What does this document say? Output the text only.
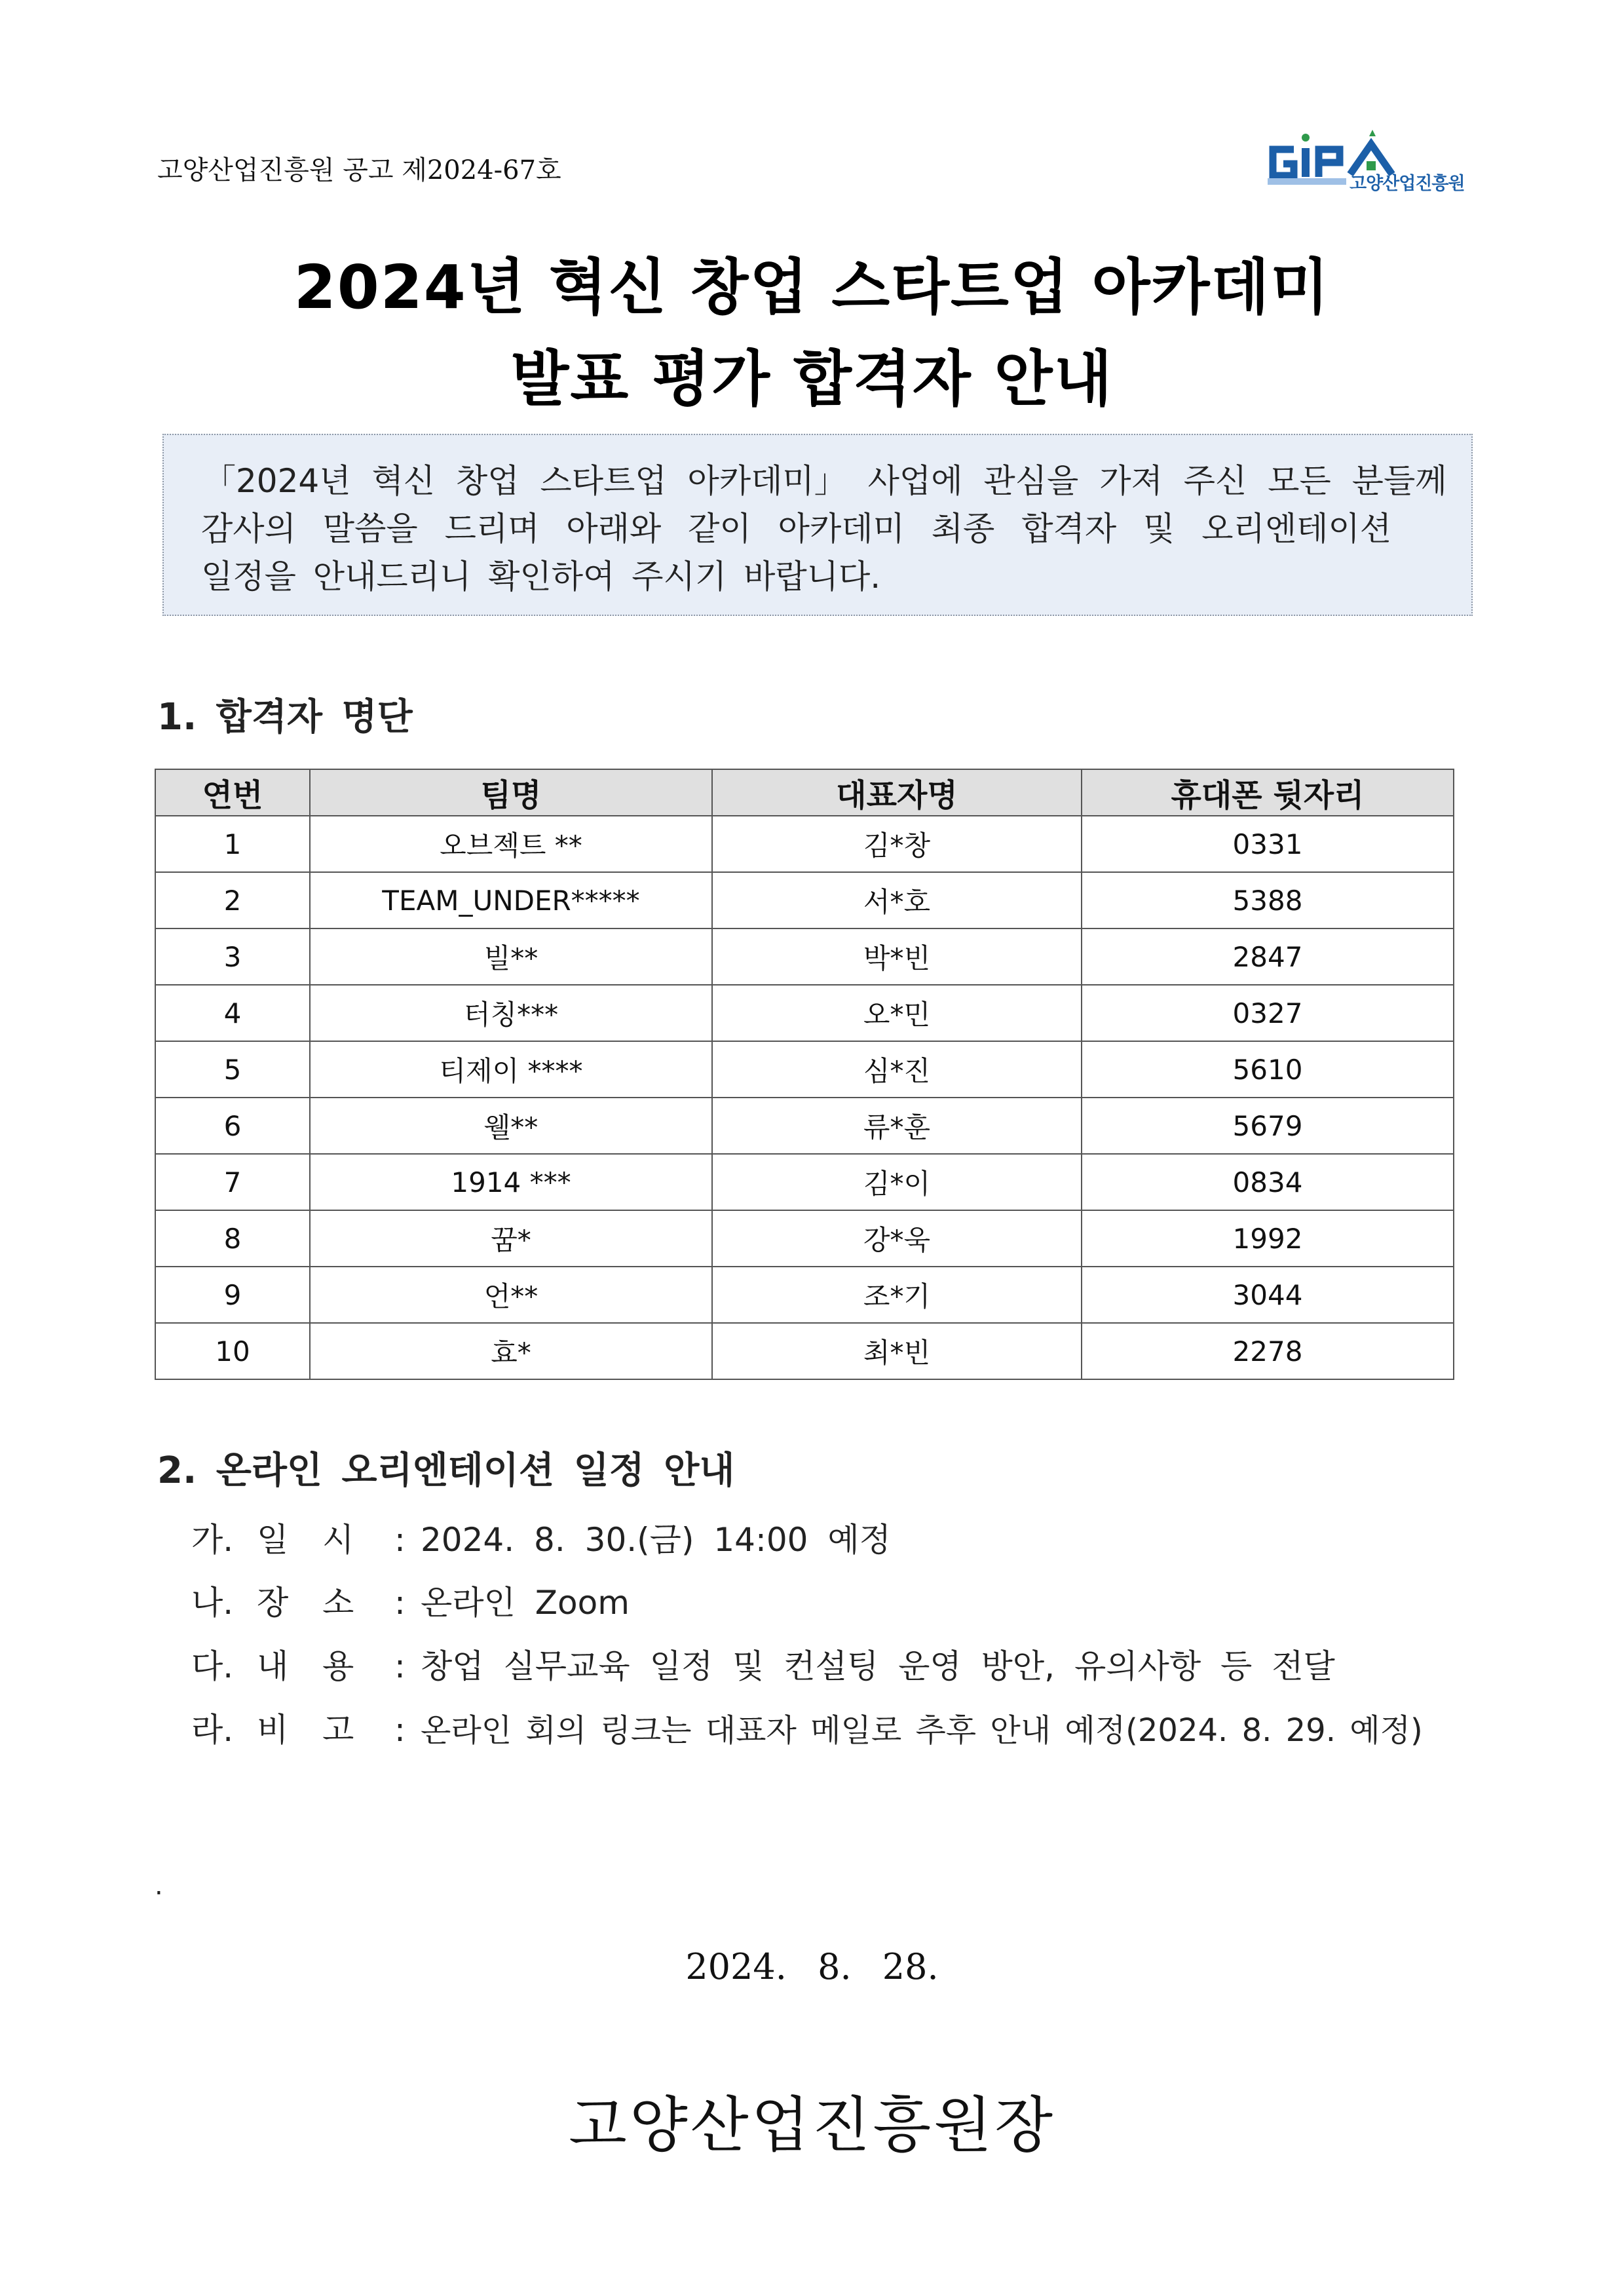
고양산업진흥원 공고 제2024-67호	고양산업진흥원
2024년 혁신 창업 스타트업 아카데미
발표 평가 합격자 안내
「2024년 혁신 창업 스타트업 아카데미」 사업에 관심을 가져 주신 모든 분들께
감사의 말씀을 드리며 아래와 같이 아카데미 최종 합격자 및 오리엔테이션
일정을 안내드리니 확인하여 주시기 바랍니다.
1. 합격자 명단
연번	팀명	대표자명	휴대폰 뒷자리
1	오브젝트 **	김*창	0331
2	TEAM_UNDER*****	서*호	5388
3	빌**	박*빈	2847
4	터칭***	오*민	0327
5	티제이 ****	심*진	5610
6	웰**	류*훈	5679
7	1914 ***	김*이	0834
8	꿈*	강*욱	1992
9	언**	조*기	3044
10	효*	최*빈	2278
2. 온라인 오리엔테이션 일정 안내
가. 일 시 : 2024. 8. 30.(금) 14:00 예정
나. 장 소 : 온라인 Zoom
다. 내 용 : 창업 실무교육 일정 및 컨설팅 운영 방안, 유의사항 등 전달
라. 비 고 : 온라인 회의 링크는 대표자 메일로 추후 안내 예정(2024. 8. 29. 예정)
.
2024. 8. 28.
고양산업진흥원장
